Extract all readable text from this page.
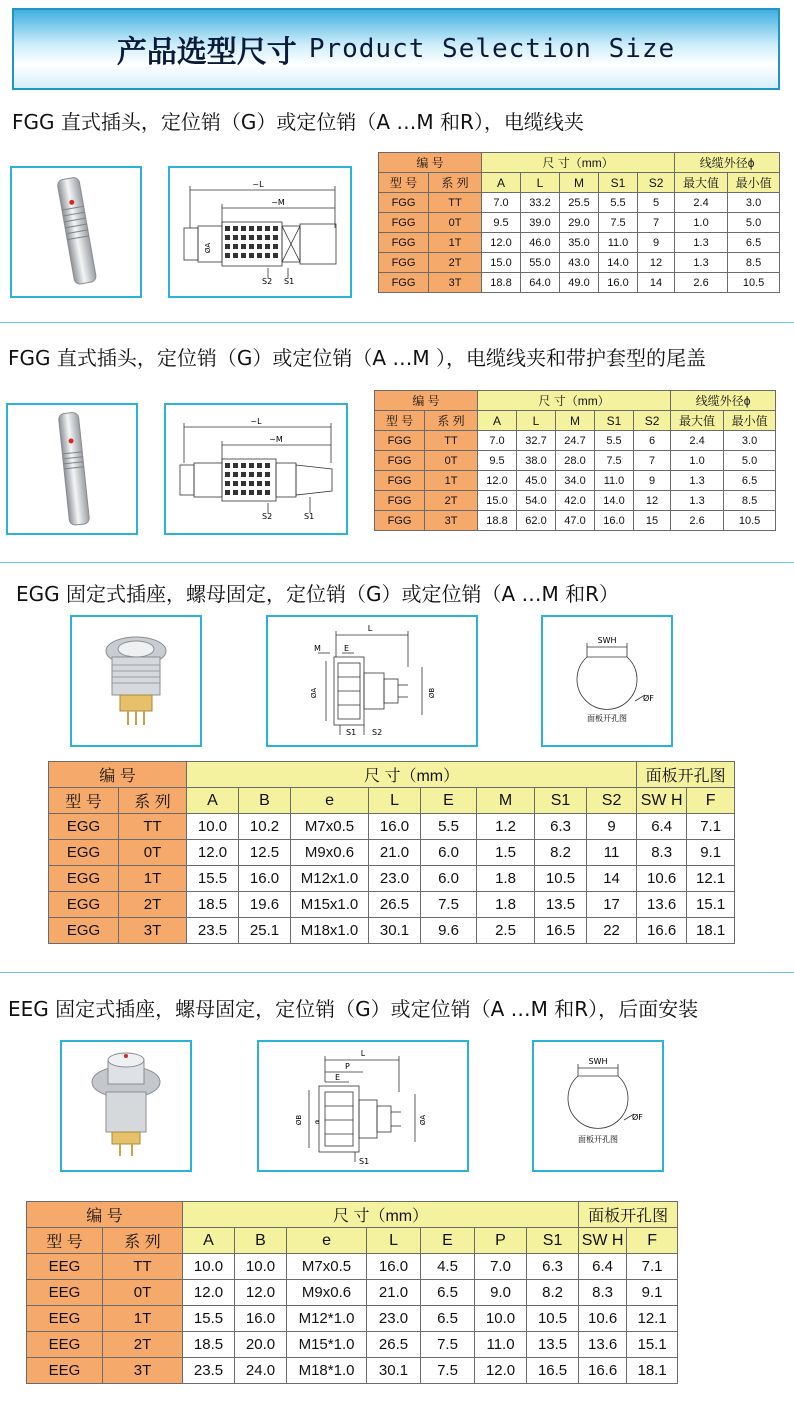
产品选型尺寸 Product Selection Size
FGG 直式插头，定位销（G）或定位销（A …M 和R），电缆线夹
~L
~M
ØA
S2 S1
编 号		尺 寸（mm）					线缆外径ϕ	
型 号	系 列	A	L	M	S1	S2	最大值	最小值
FGG	TT	7.0	33.2	25.5	5.5	5	2.4	3.0
FGG	0T	9.5	39.0	29.0	7.5	7	1.0	5.0
FGG	1T	12.0	46.0	35.0	11.0	9	1.3	6.5
FGG	2T	15.0	55.0	43.0	14.0	12	1.3	8.5
FGG	3T	18.8	64.0	49.0	16.0	14	2.6	10.5
FGG 直式插头，定位销（G）或定位销（A …M ），电缆线夹和带护套型的尾盖
~L
~M
S2	S1
编 号		尺 寸（mm）					线缆外径ϕ	
型 号	系 列	A	L	M	S1	S2	最大值	最小值
FGG	TT	7.0	32.7	24.7	5.5	6	2.4	3.0
FGG	0T	9.5	38.0	28.0	7.5	7	1.0	5.0
FGG	1T	12.0	45.0	34.0	11.0	9	1.3	6.5
FGG	2T	15.0	54.0	42.0	14.0	12	1.3	8.5
FGG	3T	18.8	62.0	47.0	16.0	15	2.6	10.5
EGG 固定式插座，螺母固定，定位销（G）或定位销（A …M 和R）
L
M	E
ØA	ØB
S1 S2
SWH
ØF
面板开孔图
编 号		尺 寸（mm）								面板开孔图	
型 号	系 列	A	B	e	L	E	M	S1	S2	SW H	F
EGG	TT	10.0	10.2	M7x0.5	16.0	5.5	1.2	6.3	9	6.4	7.1
EGG	0T	12.0	12.5	M9x0.6	21.0	6.0	1.5	8.2	11	8.3	9.1
EGG	1T	15.5	16.0	M12x1.0	23.0	6.0	1.8	10.5	14	10.6	12.1
EGG	2T	18.5	19.6	M15x1.0	26.5	7.5	1.8	13.5	17	13.6	15.1
EGG	3T	23.5	25.1	M18x1.0	30.1	9.6	2.5	16.5	22	16.6	18.1
EEG 固定式插座，螺母固定，定位销（G）或定位销（A …M 和R），后面安装
L
P
E
ØB e	ØA
S1
SWH
ØF
面板开孔图
编 号		尺 寸（mm）							面板开孔图	
型 号	系 列	A	B	e	L	E	P	S1	SW H	F
EEG	TT	10.0	10.0	M7x0.5	16.0	4.5	7.0	6.3	6.4	7.1
EEG	0T	12.0	12.0	M9x0.6	21.0	6.5	9.0	8.2	8.3	9.1
EEG	1T	15.5	16.0	M12*1.0	23.0	6.5	10.0	10.5	10.6	12.1
EEG	2T	18.5	20.0	M15*1.0	26.5	7.5	11.0	13.5	13.6	15.1
EEG	3T	23.5	24.0	M18*1.0	30.1	7.5	12.0	16.5	16.6	18.1
